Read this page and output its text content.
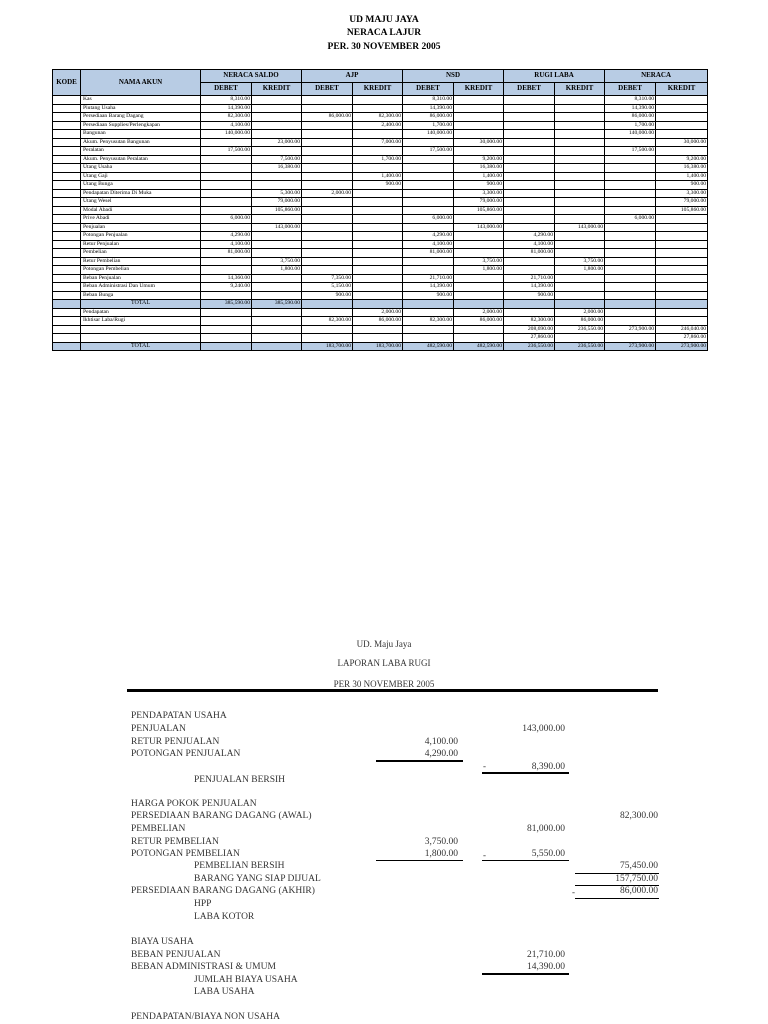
UD MAJU JAYA
NERACA LAJUR
PER. 30 NOVEMBER 2005
KODE	NAMA AKUN	NERACA SALDO		AJP		NSD		RUGI LABA		NERACA	
		DEBET	KREDIT	DEBET	KREDIT	DEBET	KREDIT	DEBET	KREDIT	DEBET	KREDIT
	Kas	8,310.00				8,310.00				8,310.00	
	Piutang Usaha	14,390.00				14,390.00				14,390.00	
	Persediaan Barang Dagang	82,300.00		86,000.00	82,300.00	86,000.00				86,000.00	
	Persediaan Supplies/Perlengkapan	4,100.00			2,400.00	1,700.00				1,700.00	
	Bangunan	140,000.00				140,000.00				140,000.00	
	Akum. Penyusutan Bangunan		23,000.00		7,000.00		30,000.00				30,000.00
	Peralatan	17,500.00				17,500.00				17,500.00	
	Akum. Penyusutan Peralatan		7,500.00		1,700.00		9,200.00				9,200.00
	Utang Usaha		16,380.00				16,380.00				16,380.00
	Utang Gaji				1,400.00		1,400.00				1,400.00
	Utang Bunga				900.00		900.00				900.00
	Pendapatan Diterima Di Muka		5,300.00	2,000.00			3,300.00				3,300.00
	Utang Wesel		79,000.00				79,000.00				79,000.00
	Modal Abadi		105,860.00				105,860.00				105,860.00
	Prive Abadi	6,000.00				6,000.00				6,000.00	
	Penjualan		143,000.00				143,000.00		143,000.00		
	Potongan Penjualan	4,290.00				4,290.00		4,290.00			
	Retur Penjualan	4,100.00				4,100.00		4,100.00			
	Pembelian	81,000.00				81,000.00		81,000.00			
	Retur Pembelian		3,750.00				3,750.00		3,750.00		
	Potongan Pembelian		1,800.00				1,800.00		1,800.00		
	Beban Penjualan	14,360.00		7,350.00		21,710.00		21,710.00			
	Beban Administrasi Dan Umum	9,240.00		5,150.00		14,390.00		14,390.00			
	Beban Bunga			900.00		900.00		900.00			
	TOTAL	385,590.00	385,590.00								
	Pendapatan				2,000.00		2,000.00		2,000.00		
	Ikhtisar Laba/Rugi			82,300.00	86,000.00	82,300.00	86,000.00	82,300.00	86,000.00		
								208,690.00	236,550.00	273,900.00	246,040.00
								27,860.00			27,860.00
	TOTAL			183,700.00	183,700.00	482,590.00	482,590.00	236,550.00	236,550.00	273,900.00	273,900.00
UD. Maju Jaya
LAPORAN LABA RUGI
PER 30 NOVEMBER 2005
PENDAPATAN USAHA
PENJUALAN	143,000.00
RETUR PENJUALAN	4,100.00
POTONGAN PENJUALAN	4,290.00
-	8,390.00
PENJUALAN BERSIH
HARGA POKOK PENJUALAN
PERSEDIAAN BARANG DAGANG (AWAL)	82,300.00
PEMBELIAN	81,000.00
RETUR PEMBELIAN	3,750.00
POTONGAN PEMBELIAN	1,800.00	-	5,550.00
PEMBELIAN BERSIH	75,450.00
BARANG YANG SIAP DIJUAL	157,750.00
PERSEDIAAN BARANG DAGANG (AKHIR)	-	86,000.00
HPP
LABA KOTOR
BIAYA USAHA
BEBAN PENJUALAN	21,710.00
BEBAN ADMINISTRASI & UMUM	14,390.00
JUMLAH BIAYA USAHA
LABA USAHA
PENDAPATAN/BIAYA NON USAHA
